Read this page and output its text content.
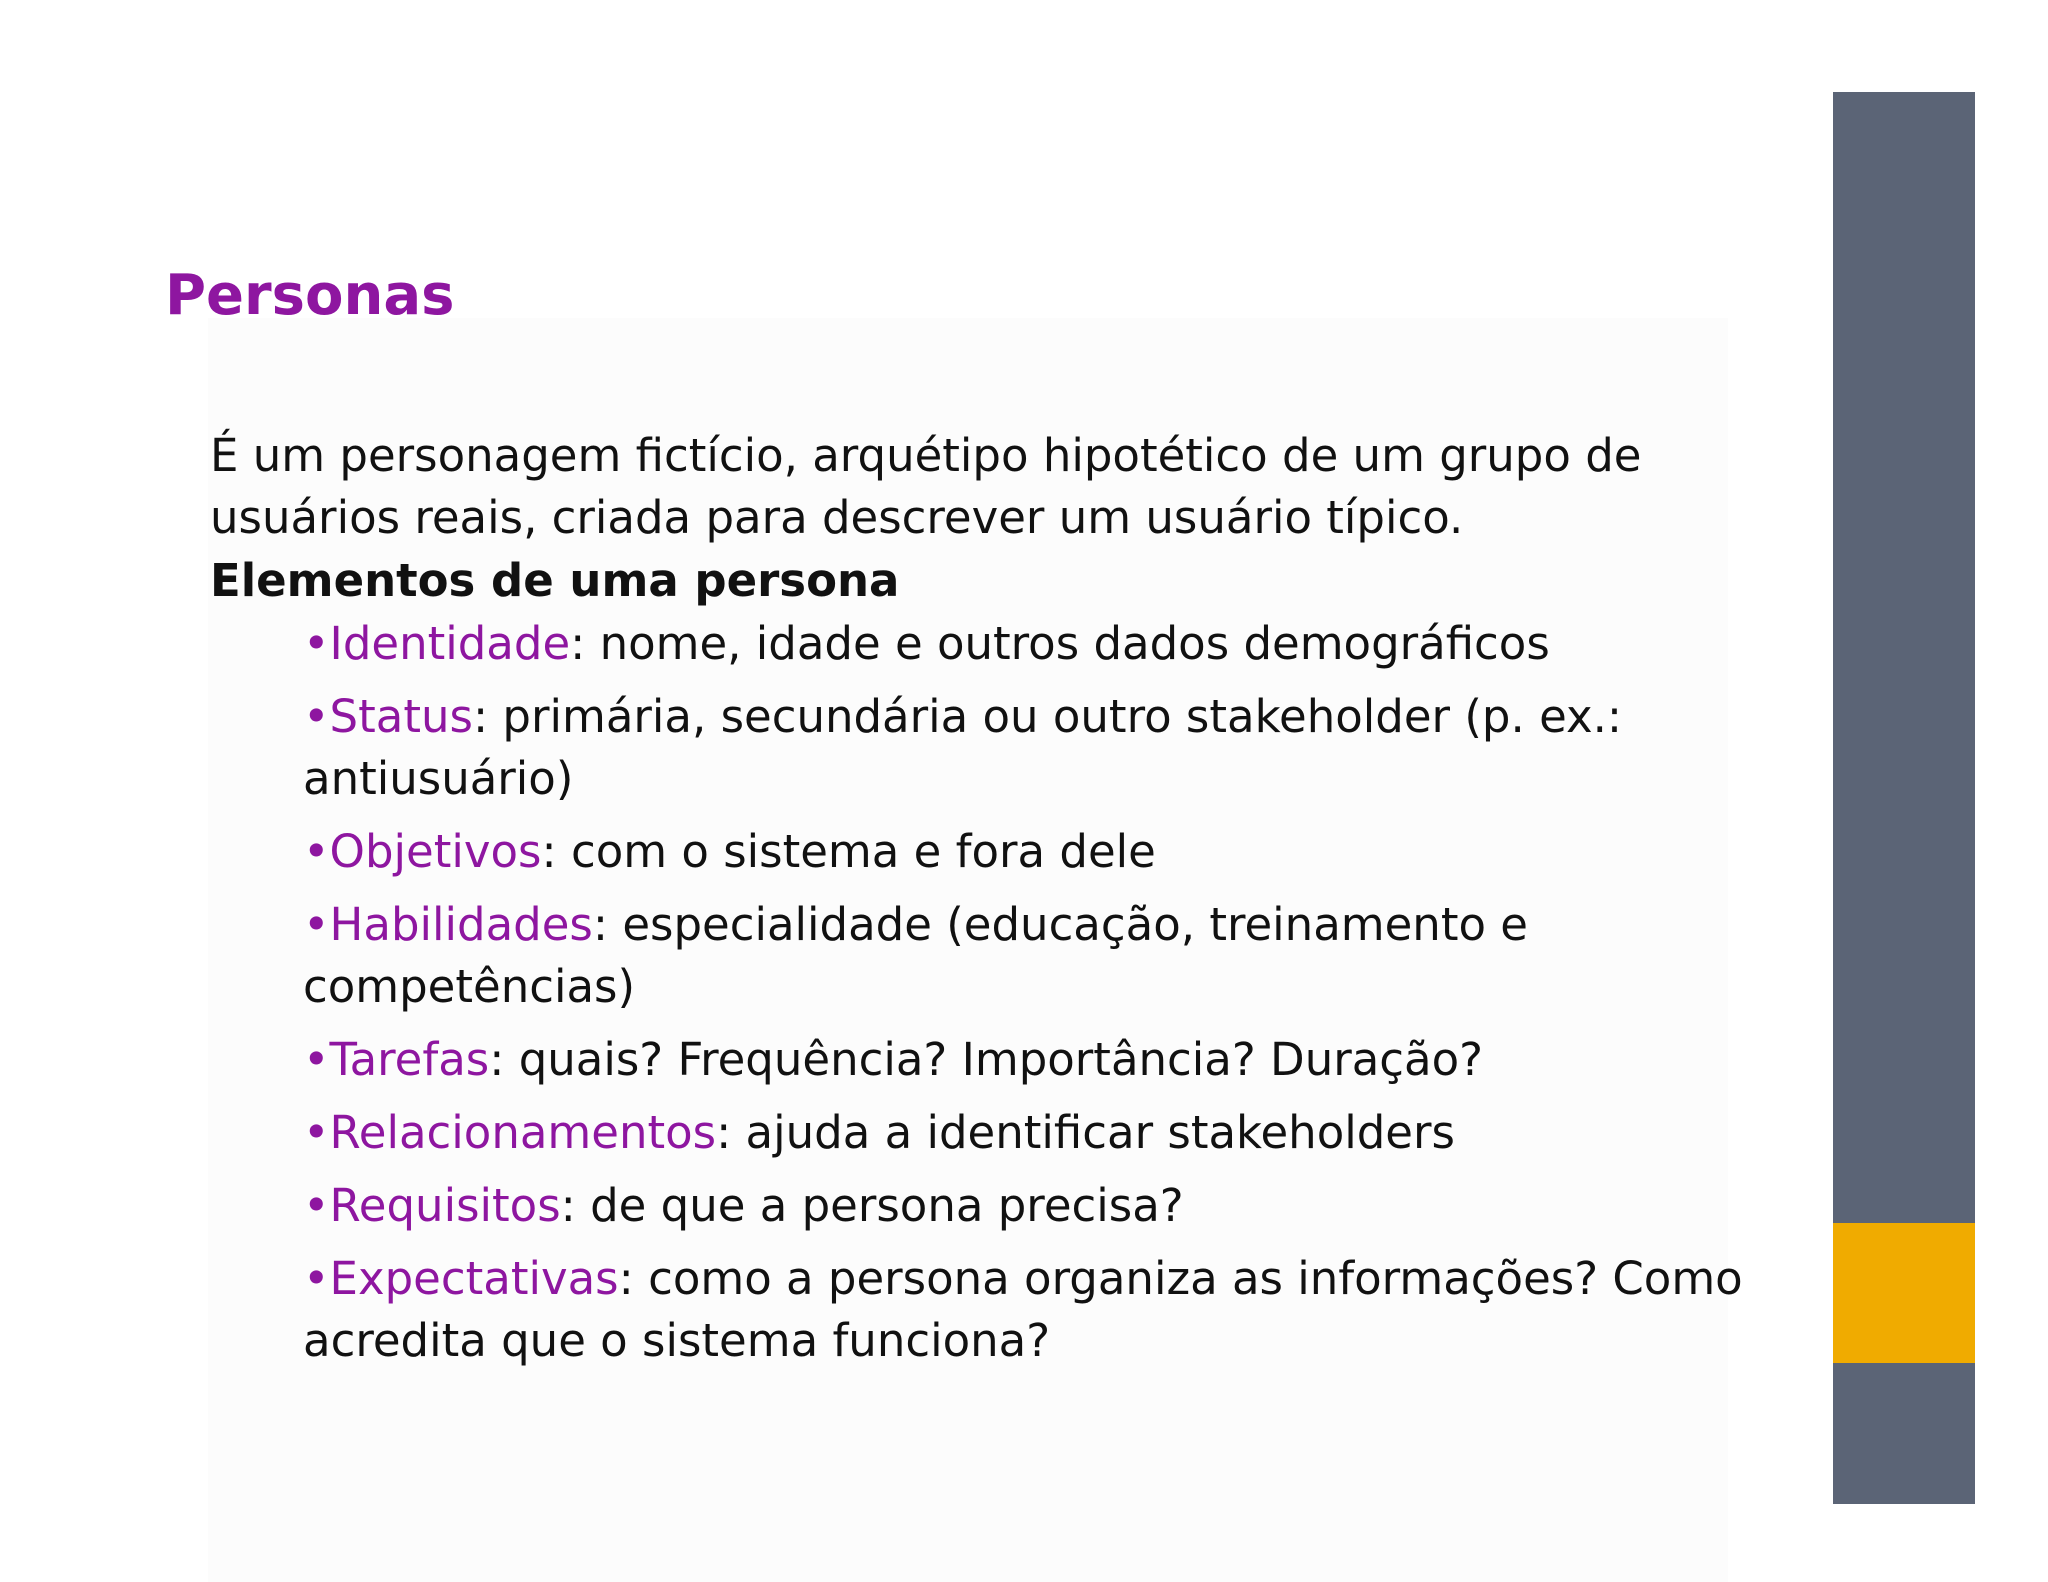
Personas

É um personagem fictício, arquétipo hipotético de um grupo de
usuários reais, criada para descrever um usuário típico.

Elementos de uma persona

•Identidade: nome, idade e outros dados demográficos
•Status: primária, secundária ou outro stakeholder (p. ex.:
antiusuário)
•Objetivos: com o sistema e fora dele
•Habilidades: especialidade (educação, treinamento e
competências)
•Tarefas: quais? Frequência? Importância? Duração?
•Relacionamentos: ajuda a identificar stakeholders
•Requisitos: de que a persona precisa?
•Expectativas: como a persona organiza as informações? Como
acredita que o sistema funciona?
